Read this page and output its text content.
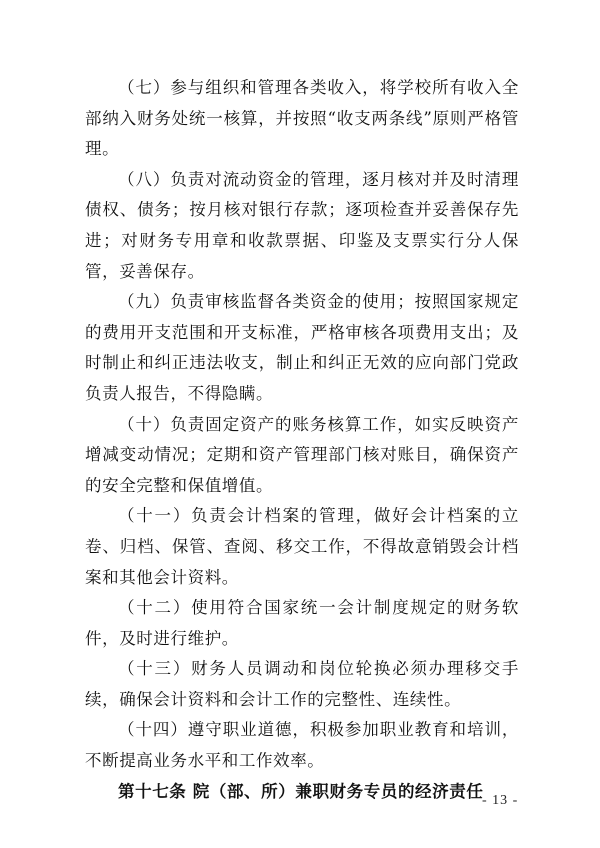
（七）参与组织和管理各类收入，将学校所有收入全部纳入财务处统一核算，并按照“收支两条线”原则严格管理。

（八）负责对流动资金的管理，逐月核对并及时清理债权、债务；按月核对银行存款；逐项检查并妥善保存先进；对财务专用章和收款票据、印鉴及支票实行分人保管，妥善保存。

（九）负责审核监督各类资金的使用；按照国家规定的费用开支范围和开支标准，严格审核各项费用支出；及时制止和纠正违法收支，制止和纠正无效的应向部门党政负责人报告，不得隐瞒。

（十）负责固定资产的账务核算工作，如实反映资产增减变动情况；定期和资产管理部门核对账目，确保资产的安全完整和保值增值。

（十一）负责会计档案的管理，做好会计档案的立卷、归档、保管、查阅、移交工作，不得故意销毁会计档案和其他会计资料。

（十二）使用符合国家统一会计制度规定的财务软件，及时进行维护。

（十三）财务人员调动和岗位轮换必须办理移交手续，确保会计资料和会计工作的完整性、连续性。

（十四）遵守职业道德，积极参加职业教育和培训，不断提高业务水平和工作效率。

第十七条 院（部、所）兼职财务专员的经济责任

- 13 -
